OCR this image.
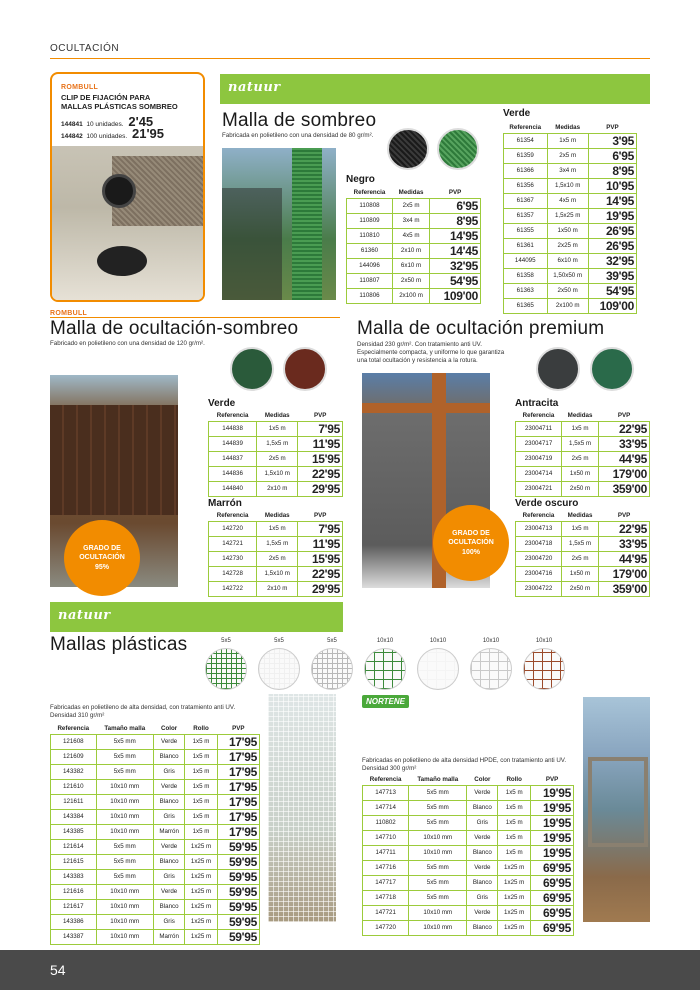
OCULTACIÓN
ROMBULL
CLIP DE FIJACIÓN PARA
MALLAS PLÁSTICAS SOMBREO
144841 10 unidades. 2'45
144842 100 unidades. 21'95
natuur
Malla de sombreo
Fabricada en polietileno con una densidad de 80 gr/m².
Negro
Referencia	Medidas	PVP
110808	2x5 m	6'95
110809	3x4 m	8'95
110810	4x5 m	14'95
61360	2x10 m	14'45
144096	6x10 m	32'95
110807	2x50 m	54'95
110806	2x100 m	109'00
Verde
Referencia	Medidas	PVP
61354	1x5 m	3'95
61359	2x5 m	6'95
61366	3x4 m	8'95
61356	1,5x10 m	10'95
61367	4x5 m	14'95
61357	1,5x25 m	19'95
61355	1x50 m	26'95
61361	2x25 m	26'95
144095	6x10 m	32'95
61358	1,50x50 m	39'95
61363	2x50 m	54'95
61365	2x100 m	109'00
ROMBULL
Malla de ocultación-sombreo
Fabricado en polietileno con una densidad de 120 gr/m².
GRADO DE
OCULTACIÓN
95%
Verde
Referencia	Medidas	PVP
144838	1x5 m	7'95
144839	1,5x5 m	11'95
144837	2x5 m	15'95
144836	1,5x10 m	22'95
144840	2x10 m	29'95
Marrón
Referencia	Medidas	PVP
142720	1x5 m	7'95
142721	1,5x5 m	11'95
142730	2x5 m	15'95
142728	1,5x10 m	22'95
142722	2x10 m	29'95
Malla de ocultación premium
Densidad 230 gr/m². Con tratamiento anti UV.
Especialmente compacta, y uniforme lo que garantiza
una total ocultación y resistencia a la rotura.
GRADO DE
OCULTACIÓN
100%
Antracita
Referencia	Medidas	PVP
23004711	1x5 m	22'95
23004717	1,5x5 m	33'95
23004719	2x5 m	44'95
23004714	1x50 m	179'00
23004721	2x50 m	359'00
Verde oscuro
Referencia	Medidas	PVP
23004713	1x5 m	22'95
23004718	1,5x5 m	33'95
23004720	2x5 m	44'95
23004716	1x50 m	179'00
23004722	2x50 m	359'00
natuur
Mallas plásticas	5x5	5x5	5x5	10x10	10x10	10x10	10x10
Fabricadas en polietileno de alta densidad, con tratamiento anti UV.
Densidad 310 gr/m²
Referencia	Tamaño malla	Color	Rollo	PVP
121608	5x5 mm	Verde	1x5 m	17'95
121609	5x5 mm	Blanco	1x5 m	17'95
143382	5x5 mm	Gris	1x5 m	17'95
121610	10x10 mm	Verde	1x5 m	17'95
121611	10x10 mm	Blanco	1x5 m	17'95
143384	10x10 mm	Gris	1x5 m	17'95
143385	10x10 mm	Marrón	1x5 m	17'95
121614	5x5 mm	Verde	1x25 m	59'95
121615	5x5 mm	Blanco	1x25 m	59'95
143383	5x5 mm	Gris	1x25 m	59'95
121616	10x10 mm	Verde	1x25 m	59'95
121617	10x10 mm	Blanco	1x25 m	59'95
143386	10x10 mm	Gris	1x25 m	59'95
143387	10x10 mm	Marrón	1x25 m	59'95
NORTENE
Fabricadas en polietileno de alta densidad HPDE, con tratamiento anti UV.
Densidad 300 gr/m²
Referencia	Tamaño malla	Color	Rollo	PVP
147713	5x5 mm	Verde	1x5 m	19'95
147714	5x5 mm	Blanco	1x5 m	19'95
110802	5x5 mm	Gris	1x5 m	19'95
147710	10x10 mm	Verde	1x5 m	19'95
147711	10x10 mm	Blanco	1x5 m	19'95
147716	5x5 mm	Verde	1x25 m	69'95
147717	5x5 mm	Blanco	1x25 m	69'95
147718	5x5 mm	Gris	1x25 m	69'95
147721	10x10 mm	Verde	1x25 m	69'95
147720	10x10 mm	Blanco	1x25 m	69'95
54
